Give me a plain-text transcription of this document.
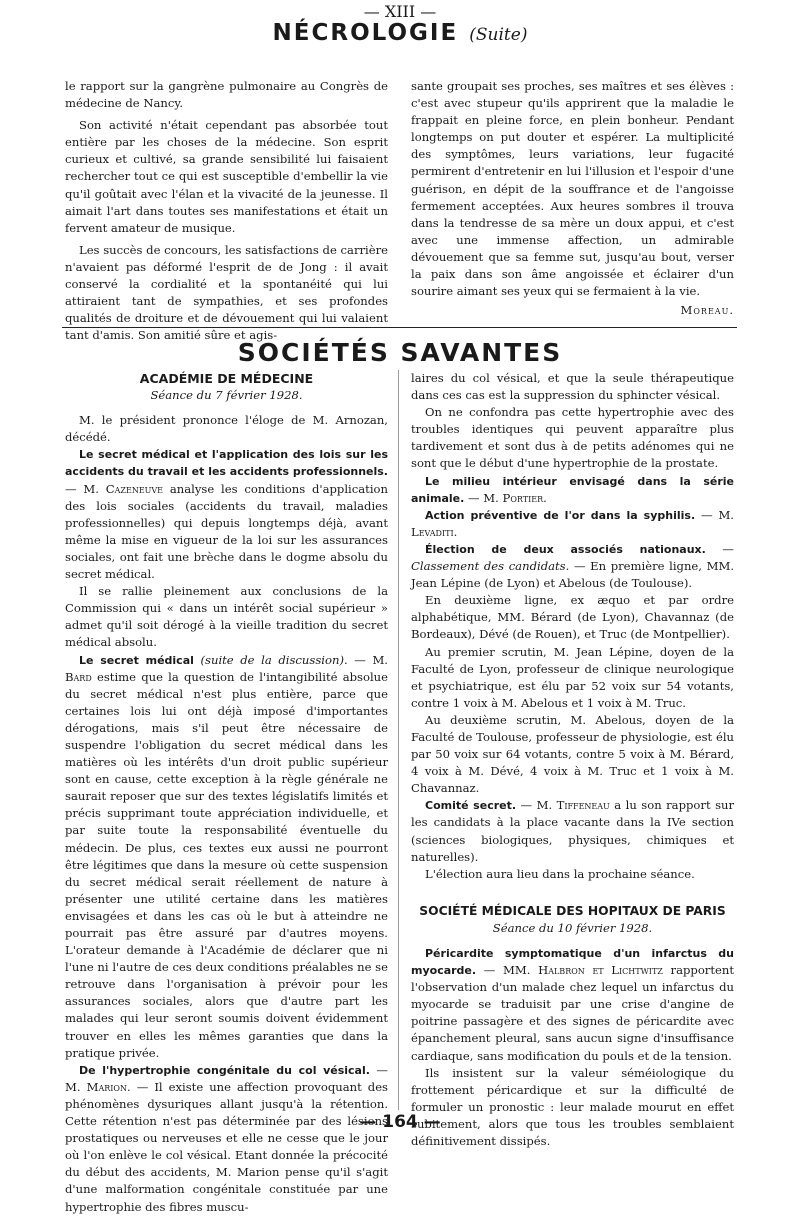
— XIII —
NÉCROLOGIE (Suite)

le rapport sur la gangrène pulmonaire au Congrès de médecine de Nancy.

Son activité n'était cependant pas absorbée tout entière par les choses de la médecine. Son esprit curieux et cultivé, sa grande sensibilité lui faisaient rechercher tout ce qui est susceptible d'embellir la vie qu'il goûtait avec l'élan et la vivacité de la jeunesse. Il aimait l'art dans toutes ses manifestations et était un fervent amateur de musique.

Les succès de concours, les satisfactions de carrière n'avaient pas déformé l'esprit de de Jong : il avait conservé la cordialité et la spontanéité qui lui attiraient tant de sympathies, et ses profondes qualités de droiture et de dévouement qui lui valaient tant d'amis. Son amitié sûre et agis-

sante groupait ses proches, ses maîtres et ses élèves : c'est avec stupeur qu'ils apprirent que la maladie le frappait en pleine force, en plein bonheur. Pendant longtemps on put douter et espérer. La multiplicité des symptômes, leurs variations, leur fugacité permirent d'entretenir en lui l'illusion et l'espoir d'une guérison, en dépit de la souffrance et de l'angoisse fermement acceptées. Aux heures sombres il trouva dans la tendresse de sa mère un doux appui, et c'est avec une immense affection, un admirable dévouement que sa femme sut, jusqu'au bout, verser la paix dans son âme angoissée et éclairer d'un sourire aimant ses yeux qui se fermaient à la vie.

Moreau.
SOCIÉTÉS SAVANTES
ACADÉMIE DE MÉDECINE
Séance du 7 février 1928.

M. le président prononce l'éloge de M. Arnozan, décédé.

Le secret médical et l'application des lois sur les accidents du travail et les accidents professionnels. — M. Cazeneuve analyse les conditions d'application des lois sociales (accidents du travail, maladies professionnelles) qui depuis longtemps déjà, avant même la mise en vigueur de la loi sur les assurances sociales, ont fait une brèche dans le dogme absolu du secret médical.

Il se rallie pleinement aux conclusions de la Commission qui « dans un intérêt social supérieur » admet qu'il soit dérogé à la vieille tradition du secret médical absolu.

Le secret médical (suite de la discussion). — M. Bard estime que la question de l'intangibilité absolue du secret médical n'est plus entière, parce que certaines lois lui ont déjà imposé d'importantes dérogations, mais s'il peut être nécessaire de suspendre l'obligation du secret médical dans les matières où les intérêts d'un droit public supérieur sont en cause, cette exception à la règle générale ne saurait reposer que sur des textes législatifs limités et précis supprimant toute appréciation individuelle, et par suite toute la responsabilité éventuelle du médecin. De plus, ces textes eux aussi ne pourront être légitimes que dans la mesure où cette suspension du secret médical serait réellement de nature à présenter une utilité certaine dans les matières envisagées et dans les cas où le but à atteindre ne pourrait pas être assuré par d'autres moyens. L'orateur demande à l'Académie de déclarer que ni l'une ni l'autre de ces deux conditions préalables ne se retrouve dans l'organisation à prévoir pour les assurances sociales, alors que d'autre part les malades qui leur seront soumis doivent évidemment trouver en elles les mêmes garanties que dans la pratique privée.

De l'hypertrophie congénitale du col vésical. — M. Marion. — Il existe une affection provoquant des phénomènes dysuriques allant jusqu'à la rétention. Cette rétention n'est pas déterminée par des lésions prostatiques ou nerveuses et elle ne cesse que le jour où l'on enlève le col vésical. Etant donnée la précocité du début des accidents, M. Marion pense qu'il s'agit d'une malformation congénitale constituée par une hypertrophie des fibres muscu-

laires du col vésical, et que la seule thérapeutique dans ces cas est la suppression du sphincter vésical.

On ne confondra pas cette hypertrophie avec des troubles identiques qui peuvent apparaître plus tardivement et sont dus à de petits adénomes qui ne sont que le début d'une hypertrophie de la prostate.

Le milieu intérieur envisagé dans la série animale. — M. Portier.

Action préventive de l'or dans la syphilis. — M. Levaditi.

Élection de deux associés nationaux. — Classement des candidats. — En première ligne, MM. Jean Lépine (de Lyon) et Abelous (de Toulouse).

En deuxième ligne, ex æquo et par ordre alphabétique, MM. Bérard (de Lyon), Chavannaz (de Bordeaux), Dévé (de Rouen), et Truc (de Montpellier).

Au premier scrutin, M. Jean Lépine, doyen de la Faculté de Lyon, professeur de clinique neurologique et psychiatrique, est élu par 52 voix sur 54 votants, contre 1 voix à M. Abelous et 1 voix à M. Truc.

Au deuxième scrutin, M. Abelous, doyen de la Faculté de Toulouse, professeur de physiologie, est élu par 50 voix sur 64 votants, contre 5 voix à M. Bérard, 4 voix à M. Dévé, 4 voix à M. Truc et 1 voix à M. Chavannaz.

Comité secret. — M. Tiffeneau a lu son rapport sur les candidats à la place vacante dans la IVe section (sciences biologiques, physiques, chimiques et naturelles).

L'élection aura lieu dans la prochaine séance.

SOCIÉTÉ MÉDICALE DES HOPITAUX DE PARIS
Séance du 10 février 1928.

Péricardite symptomatique d'un infarctus du myocarde. — MM. Halbron et Lichtwitz rapportent l'observation d'un malade chez lequel un infarctus du myocarde se traduisit par une crise d'angine de poitrine passagère et des signes de péricardite avec épanchement pleural, sans aucun signe d'insuffisance cardiaque, sans modification du pouls et de la tension.

Ils insistent sur la valeur séméiologique du frottement péricardique et sur la difficulté de formuler un pronostic : leur malade mourut en effet subitement, alors que tous les troubles semblaient définitivement dissipés.

— 164 —
